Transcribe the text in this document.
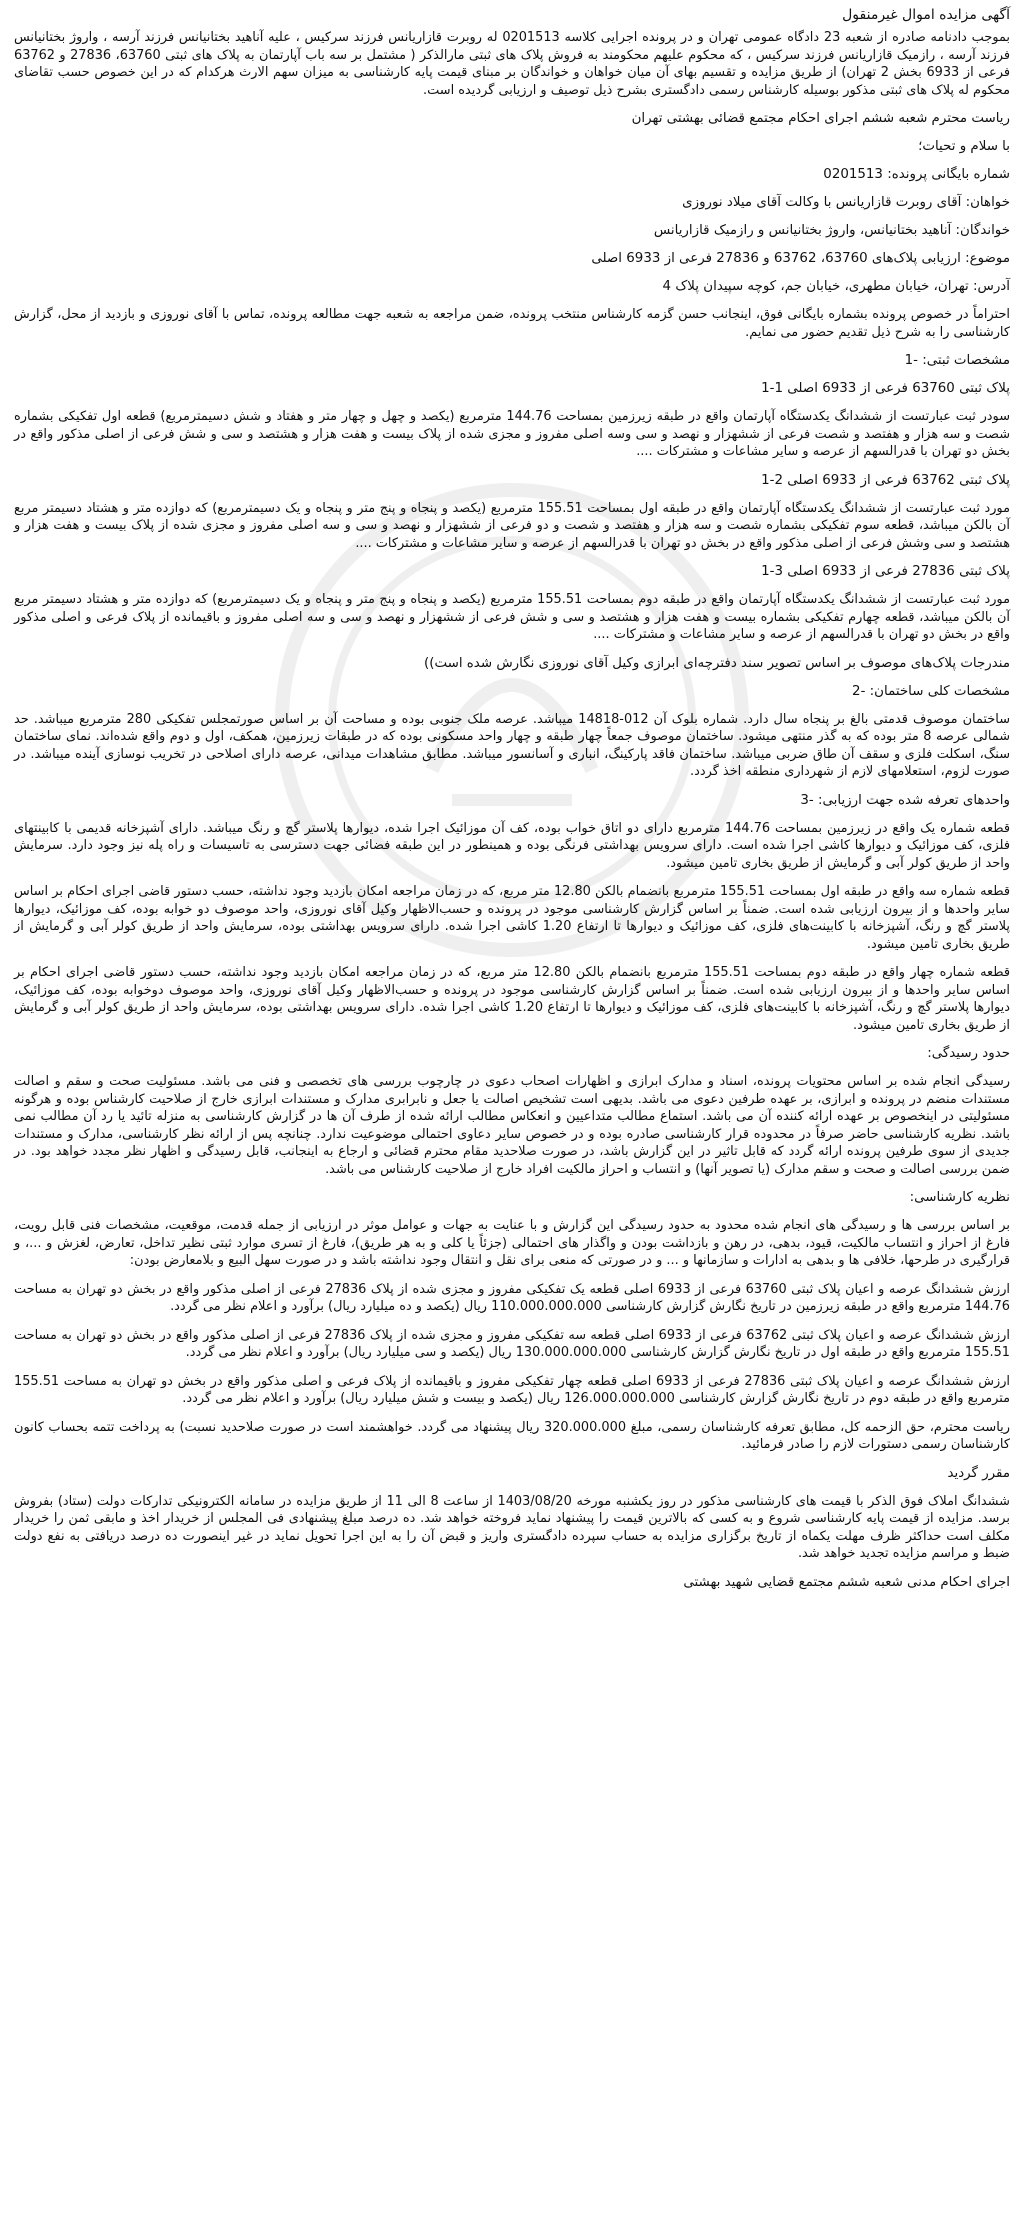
آگهی مزایده اموال غیرمنقول

بموجب دادنامه صادره از شعبه 23 دادگاه عمومی تهران و در پرونده اجرایی کلاسه 0201513 له روبرت قازاریانس فرزند سرکیس ، علیه آناهید بختانیانس فرزند آرسه ، واروژ بختانیانس فرزند آرسه ، رازمیک قازاریانس فرزند سرکیس ، که محکوم علیهم محکومند به فروش پلاک های ثبتی مارالذکر ( مشتمل بر سه باب آپارتمان به پلاک های ثبتی 63760، 27836 و 63762 فرعی از 6933 بخش 2 تهران) از طریق مزایده و تقسیم بهای آن میان خواهان و خواندگان بر مبنای قیمت پایه کارشناسی به میزان سهم الارث هرکدام که در این خصوص حسب تقاضای محکوم له پلاک های ثبتی مذکور بوسیله کارشناس رسمی دادگستری بشرح ذیل توصیف و ارزیابی گردیده است.

ریاست محترم شعبه ششم اجرای احکام مجتمع قضائی بهشتی تهران

با سلام و تحیات؛

شماره بایگانی پرونده: 0201513

خواهان: آقای روبرت قازاریانس با وکالت آقای میلاد نوروزی

خواندگان: آناهید بختانیانس، واروژ بختانیانس و رازمیک قازاریانس

موضوع: ارزیابی پلاک‌های 63760، 63762 و 27836 فرعی از 6933 اصلی

آدرس: تهران، خیابان مطهری، خیابان جم، کوچه سپیدان پلاک 4

احتراماً در خصوص پرونده بشماره بایگانی فوق، اینجانب حسن گزمه کارشناس منتخب پرونده، ضمن مراجعه به شعبه جهت مطالعه پرونده، تماس با آقای نوروزی و بازدید از محل، گزارش کارشناسی را به شرح ذیل تقدیم حضور می نمایم.

مشخصات ثبتی: -1

پلاک ثبتی 63760 فرعی از 6933 اصلی 1-1

سودر ثبت عبارتست از ششدانگ یکدستگاه آپارتمان واقع در طبقه زیرزمین بمساحت 144.76 مترمربع (یکصد و چهل و چهار متر و هفتاد و شش دسیمترمربع) قطعه اول تفکیکی بشماره شصت و سه هزار و هفتصد و شصت فرعی از ششهزار و نهصد و سی وسه اصلی مفروز و مجزی شده از پلاک بیست و هفت هزار و هشتصد و سی و شش فرعی از اصلی مذکور واقع در بخش دو تهران با قدرالسهم از عرصه و سایر مشاعات و مشترکات ....

پلاک ثبتی 63762 فرعی از 6933 اصلی 2-1

مورد ثبت عبارتست از ششدانگ یکدستگاه آپارتمان واقع در طبقه اول بمساحت 155.51 مترمربع (یکصد و پنجاه و پنج متر و پنجاه و یک دسیمترمربع) که دوازده متر و هشتاد دسیمتر مربع آن بالکن میباشد، قطعه سوم تفکیکی بشماره شصت و سه هزار و هفتصد و شصت و دو فرعی از ششهزار و نهصد و سی و سه اصلی مفروز و مجزی شده از پلاک بیست و هفت هزار و هشتصد و سی وشش فرعی از اصلی مذکور واقع در بخش دو تهران با قدرالسهم از عرصه و سایر مشاعات و مشترکات ....

پلاک ثبتی 27836 فرعی از 6933 اصلی 3-1

مورد ثبت عبارتست از ششدانگ یکدستگاه آپارتمان واقع در طبقه دوم بمساحت 155.51 مترمربع (یکصد و پنجاه و پنج متر و پنجاه و یک دسیمترمربع) که دوازده متر و هشتاد دسیمتر مربع آن بالکن میباشد، قطعه چهارم تفکیکی بشماره بیست و هفت هزار و هشتصد و سی و شش فرعی از ششهزار و نهصد و سی و سه اصلی مفروز و باقیمانده از پلاک فرعی و اصلی مذکور واقع در بخش دو تهران با قدرالسهم از عرصه و سایر مشاعات و مشترکات ....

مندرجات پلاک‌های موصوف بر اساس تصویر سند دفترچه‌ای ابرازی وکیل آقای نوروزی نگارش شده است))

مشخصات کلی ساختمان: -2

ساختمان موصوف قدمتی بالغ بر پنجاه سال دارد. شماره بلوک آن 012-14818 میباشد. عرصه ملک جنوبی بوده و مساحت آن بر اساس صورتمجلس تفکیکی 280 مترمربع میباشد. حد شمالی عرصه 8 متر بوده که به گذر منتهی میشود. ساختمان موصوف جمعاً چهار طبقه و چهار واحد مسکونی بوده که در طبقات زیرزمین، همکف، اول و دوم واقع شده‌اند. نمای ساختمان سنگ، اسکلت فلزی و سقف آن طاق ضربی میباشد. ساختمان فاقد پارکینگ، انباری و آسانسور میباشد. مطابق مشاهدات میدانی، عرصه دارای اصلاحی در تخریب نوسازی آینده میباشد. در صورت لزوم، استعلامهای لازم از شهرداری منطقه اخذ گردد.

واحدهای تعرفه شده جهت ارزیابی: -3

قطعه شماره یک واقع در زیرزمین بمساحت 144.76 مترمربع دارای دو اتاق خواب بوده، کف آن موزائیک اجرا شده، دیوارها پلاستر گچ و رنگ میباشد. دارای آشپزخانه قدیمی با کابینتهای فلزی، کف موزائیک و دیوارها کاشی اجرا شده است. دارای سرویس بهداشتی فرنگی بوده و همینطور در این طبقه فضائی جهت دسترسی به تاسیسات و راه پله نیز وجود دارد. سرمایش واحد از طریق کولر آبی و گرمایش از طریق بخاری تامین میشود.

قطعه شماره سه واقع در طبقه اول بمساحت 155.51 مترمربع بانضمام بالکن 12.80 متر مربع، که در زمان مراجعه امکان بازدید وجود نداشته، حسب دستور قاضی اجرای احکام بر اساس سایر واحدها و از بیرون ارزیابی شده است. ضمناً بر اساس گزارش کارشناسی موجود در پرونده و حسب‌الاظهار وکیل آقای نوروزی، واحد موصوف دو خوابه بوده، کف موزائیک، دیوارها پلاستر گچ و رنگ، آشپزخانه با کابینت‌های فلزی، کف موزائیک و دیوارها تا ارتفاع 1.20 کاشی اجرا شده. دارای سرویس بهداشتی بوده، سرمایش واحد از طریق کولر آبی و گرمایش از طریق بخاری تامین میشود.

قطعه شماره چهار واقع در طبقه دوم بمساحت 155.51 مترمربع بانضمام بالکن 12.80 متر مربع، که در زمان مراجعه امکان بازدید وجود نداشته، حسب دستور قاضی اجرای احکام بر اساس سایر واحدها و از بیرون ارزیابی شده است. ضمناً بر اساس گزارش کارشناسی موجود در پرونده و حسب‌الاظهار وکیل آقای نوروزی، واحد موصوف دوخوابه بوده، کف موزائیک، دیوارها پلاستر گچ و رنگ، آشپزخانه با کابینت‌های فلزی، کف موزائیک و دیوارها تا ارتفاع 1.20 کاشی اجرا شده. دارای سرویس بهداشتی بوده، سرمایش واحد از طریق کولر آبی و گرمایش از طریق بخاری تامین میشود.

حدود رسیدگی:

رسیدگی انجام شده بر اساس محتویات پرونده، اسناد و مدارک ابرازی و اظهارات اصحاب دعوی در چارچوب بررسی های تخصصی و فنی می باشد. مسئولیت صحت و سقم و اصالت مستندات منضم در پرونده و ابرازی، بر عهده طرفین دعوی می باشد. بدیهی است تشخیص اصالت یا جعل و نابرابری مدارک و مستندات ابرازی خارج از صلاحیت کارشناس بوده و هرگونه مسئولیتی در اینخصوص بر عهده ارائه کننده آن می باشد. استماع مطالب متداعیین و انعکاس مطالب ارائه شده از طرف آن ها در گزارش کارشناسی به منزله تائید یا رد آن مطالب نمی باشد. نظریه کارشناسی حاضر صرفاً در محدوده قرار کارشناسی صادره بوده و در خصوص سایر دعاوی احتمالی موضوعیت ندارد. چنانچه پس از ارائه نظر کارشناسی، مدارک و مستندات جدیدی از سوی طرفین پرونده ارائه گردد که قابل تاثیر در این گزارش باشد، در صورت صلاحدید مقام محترم قضائی و ارجاع به اینجانب، قابل رسیدگی و اظهار نظر مجدد خواهد بود. در ضمن بررسی اصالت و صحت و سقم مدارک (یا تصویر آنها) و انتساب و احراز مالکیت افراد خارج از صلاحیت کارشناس می باشد.

نظریه کارشناسی:

بر اساس بررسی ها و رسیدگی های انجام شده محدود به حدود رسیدگی این گزارش و با عنایت به جهات و عوامل موثر در ارزیابی از جمله قدمت، موقعیت، مشخصات فنی قابل رویت، فارغ از احراز و انتساب مالکیت، قیود، بدهی، در رهن و بازداشت بودن و واگذار های احتمالی (جزئاً یا کلی و به هر طریق)، فارغ از تسری موارد ثبتی نظیر تداخل، تعارض، لغزش و ...، و قرارگیری در طرحها، خلافی ها و بدهی به ادارات و سازمانها و ... و در صورتی که منعی برای نقل و انتقال وجود نداشته باشد و در صورت سهل البیع و بلامعارض بودن:

ارزش ششدانگ عرصه و اعیان پلاک ثبتی 63760 فرعی از 6933 اصلی قطعه یک تفکیکی مفروز و مجزی شده از پلاک 27836 فرعی از اصلی مذکور واقع در بخش دو تهران به مساحت 144.76 مترمربع واقع در طبقه زیرزمین در تاریخ نگارش گزارش کارشناسی 110.000.000.000 ریال (یکصد و ده میلیارد ریال) برآورد و اعلام نظر می گردد.

ارزش ششدانگ عرصه و اعیان پلاک ثبتی 63762 فرعی از 6933 اصلی قطعه سه تفکیکی مفروز و مجزی شده از پلاک 27836 فرعی از اصلی مذکور واقع در بخش دو تهران به مساحت 155.51 مترمربع واقع در طبقه اول در تاریخ نگارش گزارش کارشناسی 130.000.000.000 ریال (یکصد و سی میلیارد ریال) برآورد و اعلام نظر می گردد.

ارزش ششدانگ عرصه و اعیان پلاک ثبتی 27836 فرعی از 6933 اصلی قطعه چهار تفکیکی مفروز و باقیمانده از پلاک فرعی و اصلی مذکور واقع در بخش دو تهران به مساحت 155.51 مترمربع واقع در طبقه دوم در تاریخ نگارش گزارش کارشناسی 126.000.000.000 ریال (یکصد و بیست و شش میلیارد ریال) برآورد و اعلام نظر می گردد.

ریاست محترم، حق الزحمه کل، مطابق تعرفه کارشناسان رسمی، مبلغ 320.000.000 ریال پیشنهاد می گردد. خواهشمند است در صورت صلاحدید نسبت) به پرداخت تتمه بحساب کانون کارشناسان رسمی دستورات لازم را صادر فرمائید.

مقرر گردید

ششدانگ املاک فوق الذکر با قیمت های کارشناسی مذکور در روز یکشنبه مورخه 1403/08/20 از ساعت 8 الی 11 از طریق مزایده در سامانه الکترونیکی تدارکات دولت (ستاد) بفروش برسد. مزایده از قیمت پایه کارشناسی شروع و به کسی که بالاترین قیمت را پیشنهاد نماید فروخته خواهد شد. ده درصد مبلغ پیشنهادی فی المجلس از خریدار اخذ و مابقی ثمن را خریدار مکلف است حداکثر ظرف مهلت یکماه از تاریخ برگزاری مزایده به حساب سپرده دادگستری واریز و قبض آن را به این اجرا تحویل نماید در غیر اینصورت ده درصد دریافتی به نفع دولت ضبط و مراسم مزایده تجدید خواهد شد.

اجرای احکام مدنی شعبه ششم مجتمع قضایی شهید بهشتی
